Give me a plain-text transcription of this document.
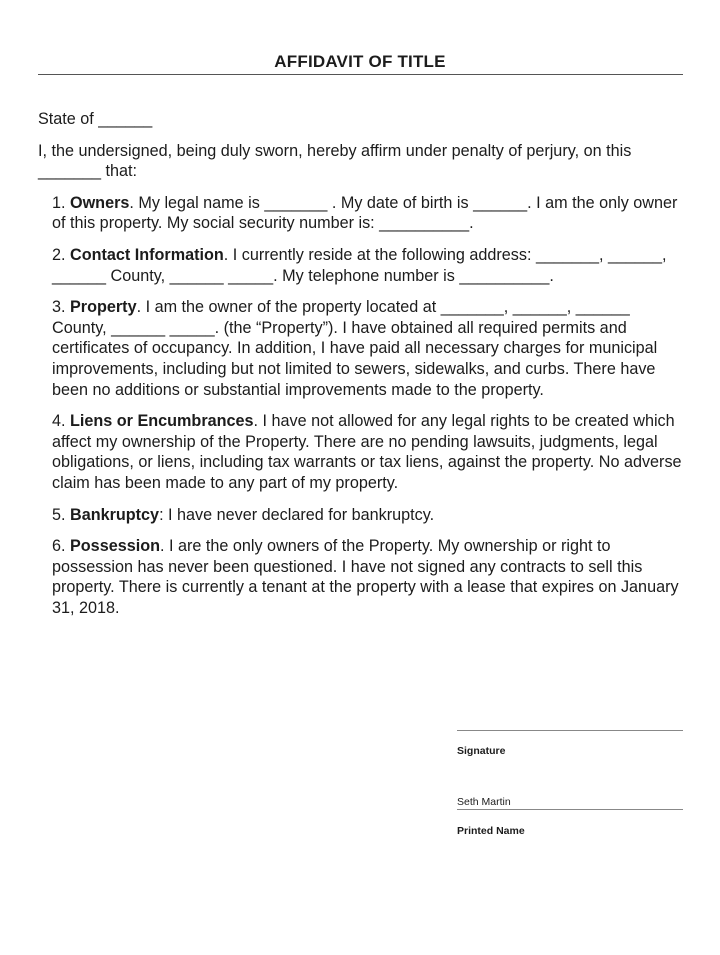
AFFIDAVIT OF TITLE

State of ______

I, the undersigned, being duly sworn, hereby affirm under penalty of perjury, on this _______ that:

1. Owners. My legal name is _______ . My date of birth is ______. I am the only owner of this property. My social security number is: __________.

2. Contact Information. I currently reside at the following address: _______, ______, ______ County, ______ _____. My telephone number is __________.

3. Property. I am the owner of the property located at _______, ______, ______ County, ______ _____. (the “Property”). I have obtained all required permits and certificates of occupancy. In addition, I have paid all necessary charges for municipal improvements, including but not limited to sewers, sidewalks, and curbs. There have been no additions or substantial improvements made to the property.

4. Liens or Encumbrances. I have not allowed for any legal rights to be created which affect my ownership of the Property. There are no pending lawsuits, judgments, legal obligations, or liens, including tax warrants or tax liens, against the property. No adverse claim has been made to any part of my property.

5. Bankruptcy: I have never declared for bankruptcy.

6. Possession. I are the only owners of the Property. My ownership or right to possession has never been questioned. I have not signed any contracts to sell this property. There is currently a tenant at the property with a lease that expires on January 31, 2018.

Signature
Seth Martin
Printed Name
